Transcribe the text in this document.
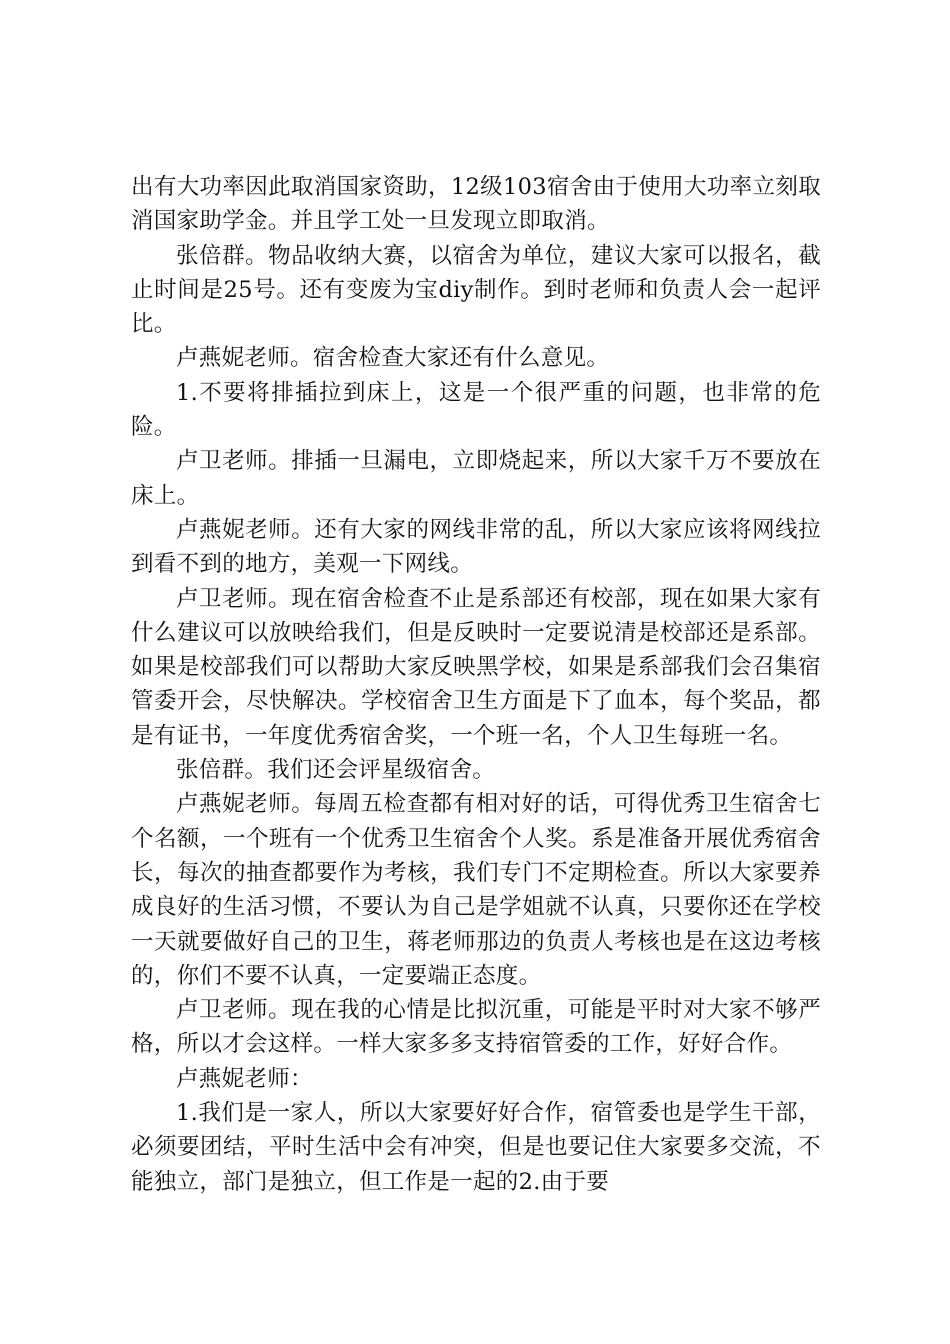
出有大功率因此取消国家资助，12级103宿舍由于使用大功率立刻取消国家助学金。并且学工处一旦发现立即取消。

张倍群。物品收纳大赛，以宿舍为单位，建议大家可以报名，截止时间是25号。还有变废为宝diy制作。到时老师和负责人会一起评比。

卢燕妮老师。宿舍检查大家还有什么意见。

1.不要将排插拉到床上，这是一个很严重的问题，也非常的危险。

卢卫老师。排插一旦漏电，立即烧起来，所以大家千万不要放在床上。

卢燕妮老师。还有大家的网线非常的乱，所以大家应该将网线拉到看不到的地方，美观一下网线。

卢卫老师。现在宿舍检查不止是系部还有校部，现在如果大家有什么建议可以放映给我们，但是反映时一定要说清是校部还是系部。如果是校部我们可以帮助大家反映黑学校，如果是系部我们会召集宿管委开会，尽快解决。学校宿舍卫生方面是下了血本，每个奖品，都是有证书，一年度优秀宿舍奖，一个班一名，个人卫生每班一名。

张倍群。我们还会评星级宿舍。

卢燕妮老师。每周五检查都有相对好的话，可得优秀卫生宿舍七个名额，一个班有一个优秀卫生宿舍个人奖。系是准备开展优秀宿舍长，每次的抽查都要作为考核，我们专门不定期检查。所以大家要养成良好的生活习惯，不要认为自己是学姐就不认真，只要你还在学校一天就要做好自己的卫生，蒋老师那边的负责人考核也是在这边考核的，你们不要不认真，一定要端正态度。

卢卫老师。现在我的心情是比拟沉重，可能是平时对大家不够严格，所以才会这样。一样大家多多支持宿管委的工作，好好合作。

卢燕妮老师：

1.我们是一家人，所以大家要好好合作，宿管委也是学生干部，必须要团结，平时生活中会有冲突，但是也要记住大家要多交流，不能独立，部门是独立，但工作是一起的2.由于要
